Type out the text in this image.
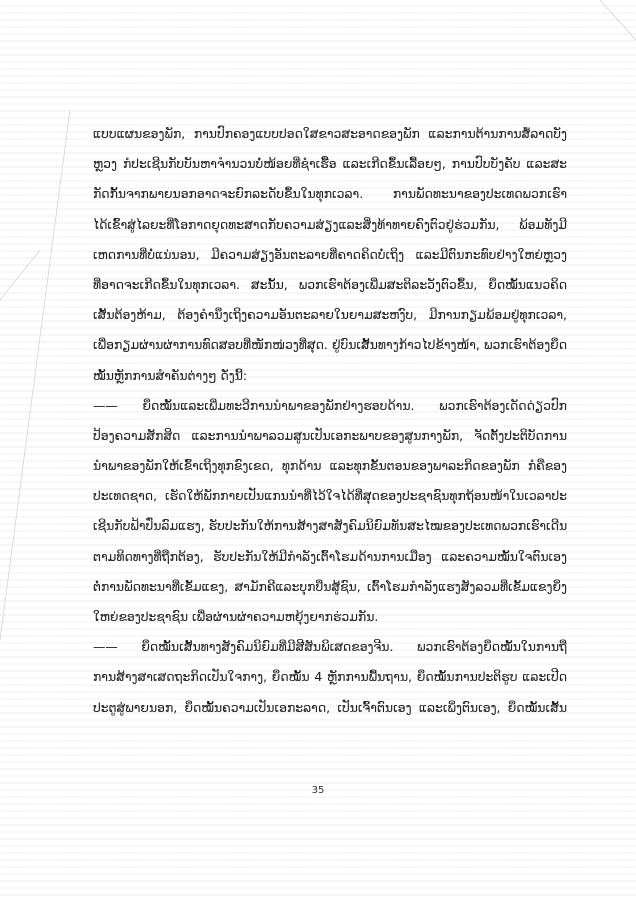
ແບບແຜນຂອງພັກ, ການປົກຄອງແບບປອດໃສຂາວສະອາດຂອງພັກ ແລະການຕ້ານການສໍ້ລາດບັງ
ຫຼວງ ກໍປະເຊີນກັບບັນຫາຈຳນວນບໍ່ໜ້ອຍທີ່ຊຳເຮື້ອ ແລະເກີດຂຶ້ນເລື້ອຍໆ, ການປົບບັງຄັບ ແລະສະ
ກັດກັ້ນຈາກພາຍນອກອາດຈະຍົກລະດັບຂຶ້ນໃນທຸກເວລາ. ການພັດທະນາຂອງປະເທດພວກເຮົາ
ໄດ້ເຂົ້າສູ່ໄລຍະທີ່ໂອກາດຍຸດທະສາດກັບຄວາມສ່ຽງແລະສິ່ງທ້າທາຍຄົງຕົວຢູ່ຮ່ວມກັນ, ພ້ອມທັງມີ
ເຫດການທີ່ບໍ່ແນ່ນອນ, ມີຄວາມສ່ຽງອັນຕະລາຍທີ່ຄາດຄິດບໍ່ເຖິງ ແລະມີຕົນກະທົບຢ່າງໃຫຍ່ຫຼວງ
ທີ່ອາດຈະເກີດຂຶ້ນໃນທຸກເວລາ. ສະນັ້ນ, ພວກເຮົາຕ້ອງເພີ່ມສະຕິລະວັງຕົວຂຶ້ນ, ຍຶດໝັ້ນແນວຄິດ
ເສັ້ນຕ້ອງຫ້າມ, ຕ້ອງຄຳນຶງເຖິງຄວາມອັນຕະລາຍໃນຍາມສະຫງົບ, ມີການກຽມພ້ອມຢູ່ທຸກເວລາ,
ເພື່ອກຽມຜ່ານຜ່າການທົດສອບທີ່ໜັກໜ່ວງທີ່ສຸດ. ຢູ່ບົນເສັ້ນທາງກ້າວໄປຂ້າງໜ້າ, ພວກເຮົາຕ້ອງຍຶດ
ໝັ້ນຫຼັກການສຳຄັນຕ່າງໆ ດັ່ງນີ້:
—— ຍຶດໝັ້ນແລະເພີ່ມທະວີການນຳພາຂອງພັກຢ່າງຮອບດ້ານ. ພວກເຮົາຕ້ອງເດັດດ່ຽວປົກ
ປ້ອງຄວາມສັກສິດ ແລະການນຳພາລວມສູນເປັນເອກະພາບຂອງສູນກາງພັກ, ຈັດຕັ້ງປະຕິບັດການ
ນຳພາຂອງພັກໃຫ້ເຂົ້າເຖິງທຸກຂົງເຂດ, ທຸກດ້ານ ແລະທຸກຂັ້ນຕອນຂອງພາລະກິດຂອງພັກ ກໍຄືຂອງ
ປະເທດຊາດ, ເຮັດໃຫ້ພັກກາຍເປັນແກນນຳທີ່ໄວ້ໃຈໄດ້ທີ່ສຸດຂອງປະຊາຊົນທຸກຖ້ອນໜ້າໃນເວລາປະ
ເຊີນກັບຟ້າປົ່ນລົມແຮງ, ຮັບປະກັນໃຫ້ການສ້າງສາສັງຄົມນິຍົມທັນສະໄໝຂອງປະເທດພວກເຮົາເດີນ
ຕາມທິດທາງທີ່ຖືກຕ້ອງ, ຮັບປະກັນໃຫ້ມີກຳລັງເຕົ້າໂຮມດ້ານການເມືອງ ແລະຄວາມໝັ້ນໃຈຕົນເອງ
ຕໍ່ການພັດທະນາທີ່ເຂັ້ມແຂງ, ສາມັກຄີແລະບຸກບືນສູ້ຊົນ, ເຕົ້າໂຮມກຳລັງແຮງສັງລວມທີ່ເຂັ້ມແຂງຍິ່ງ
ໃຫຍ່ຂອງປະຊາຊົນ ເພື່ອຜ່ານຜ່າຄວາມຫຍຸ້ງຍາກຮ່ວມກັນ.
—— ຍຶດໝັ້ນເສັ້ນທາງສັງຄົມນິຍົມທີ່ມີສີສັນພິເສດຂອງຈີນ. ພວກເຮົາຕ້ອງຍຶດໝັ້ນໃນການຖື
ການສ້າງສາເສດຖະກິດເປັນໃຈກາງ, ຍຶດໝັ້ນ 4 ຫຼັກການພື້ນຖານ, ຍຶດໝັ້ນການປະຕິຮູບ ແລະເປີດ
ປະຕູສູ່ພາຍນອກ, ຍຶດໝັ້ນຄວາມເປັນເອກະລາດ, ເປັນເຈົ້າຕົນເອງ ແລະເພິ່ງຕົນເອງ, ຍຶດໝັ້ນເສັ້ນ
35
